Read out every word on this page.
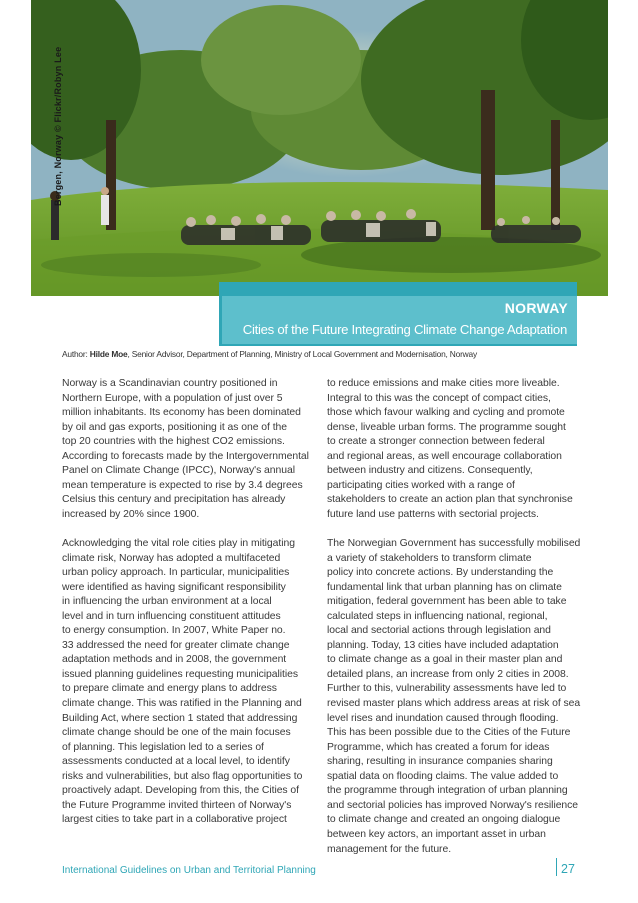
Bergen, Norway © Flickr/Robyn Lee
NORWAY
Cities of the Future Integrating Climate Change Adaptation
Author: Hilde Moe, Senior Advisor, Department of Planning, Ministry of Local Government and Modernisation, Norway
Norway is a Scandinavian country positioned in
Northern Europe, with a population of just over 5
million inhabitants. Its economy has been dominated
by oil and gas exports, positioning it as one of the
top 20 countries with the highest CO2 emissions.
According to forecasts made by the Intergovernmental
Panel on Climate Change (IPCC), Norway's annual
mean temperature is expected to rise by 3.4 degrees
Celsius this century and precipitation has already
increased by 20% since 1900.
Acknowledging the vital role cities play in mitigating
climate risk, Norway has adopted a multifaceted
urban policy approach. In particular, municipalities
were identified as having significant responsibility
in influencing the urban environment at a local
level and in turn influencing constituent attitudes
to energy consumption. In 2007, White Paper no.
33 addressed the need for greater climate change
adaptation methods and in 2008, the government
issued planning guidelines requesting municipalities
to prepare climate and energy plans to address
climate change. This was ratified in the Planning and
Building Act, where section 1 stated that addressing
climate change should be one of the main focuses
of planning. This legislation led to a series of
assessments conducted at a local level, to identify
risks and vulnerabilities, but also flag opportunities to
proactively adapt. Developing from this, the Cities of
the Future Programme invited thirteen of Norway's
largest cities to take part in a collaborative project
to reduce emissions and make cities more liveable.
Integral to this was the concept of compact cities,
those which favour walking and cycling and promote
dense, liveable urban forms. The programme sought
to create a stronger connection between federal
and regional areas, as well encourage collaboration
between industry and citizens. Consequently,
participating cities worked with a range of
stakeholders to create an action plan that synchronise
future land use patterns with sectorial projects.
The Norwegian Government has successfully mobilised
a variety of stakeholders to transform climate
policy into concrete actions. By understanding the
fundamental link that urban planning has on climate
mitigation, federal government has been able to take
calculated steps in influencing national, regional,
local and sectorial actions through legislation and
planning. Today, 13 cities have included adaptation
to climate change as a goal in their master plan and
detailed plans, an increase from only 2 cities in 2008.
Further to this, vulnerability assessments have led to
revised master plans which address areas at risk of sea
level rises and inundation caused through flooding.
This has been possible due to the Cities of the Future
Programme, which has created a forum for ideas
sharing, resulting in insurance companies sharing
spatial data on flooding claims. The value added to
the programme through integration of urban planning
and sectorial policies has improved Norway's resilience
to climate change and created an ongoing dialogue
between key actors, an important asset in urban
management for the future.
International Guidelines on Urban and Territorial Planning	27
